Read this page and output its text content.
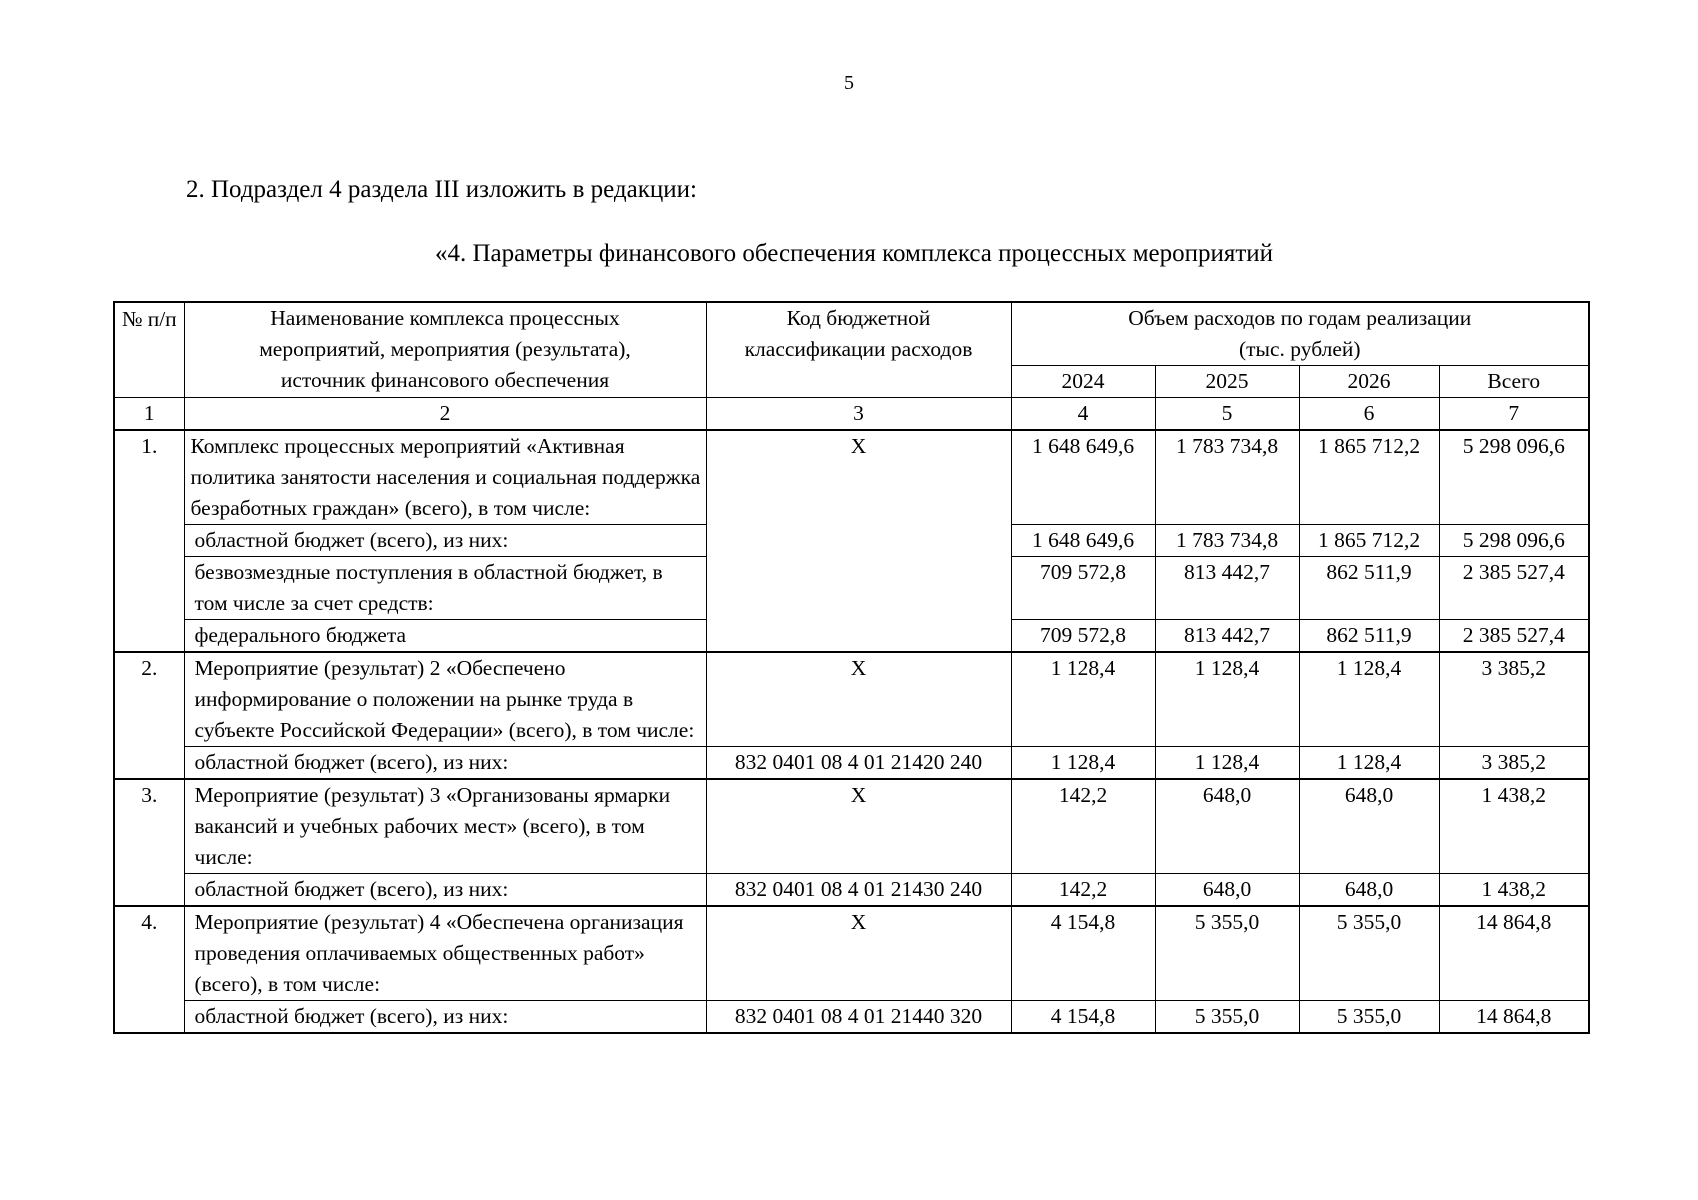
5
2. Подраздел 4 раздела III изложить в редакции:
«4. Параметры финансового обеспечения комплекса процессных мероприятий
№ п/п	Наименование комплекса процессных мероприятий, мероприятия (результата), источник финансового обеспечения	Код бюджетной классификации расходов	Объем расходов по годам реализации
(тыс. рублей)			

			2024	2025	2026	Всего
1	2	3	4	5	6	7
1.	Комплекс процессных мероприятий «Активная политика занятости населения и социальная поддержка безработных граждан» (всего), в том числе:	Х	1 648 649,6	1 783 734,8	1 865 712,2	5 298 096,6
	областной бюджет (всего), из них:		1 648 649,6	1 783 734,8	1 865 712,2	5 298 096,6
	безвозмездные поступления в областной бюджет, в том числе за счет средств:		709 572,8	813 442,7	862 511,9	2 385 527,4
	федерального бюджета		709 572,8	813 442,7	862 511,9	2 385 527,4
2.	Мероприятие (результат) 2 «Обеспечено информирование о положении на рынке труда в субъекте Российской Федерации» (всего), в том числе:	Х	1 128,4	1 128,4	1 128,4	3 385,2
	областной бюджет (всего), из них:	832 0401 08 4 01 21420 240	1 128,4	1 128,4	1 128,4	3 385,2
3.	Мероприятие (результат) 3 «Организованы ярмарки вакансий и учебных рабочих мест» (всего), в том числе:	Х	142,2	648,0	648,0	1 438,2
	областной бюджет (всего), из них:	832 0401 08 4 01 21430 240	142,2	648,0	648,0	1 438,2
4.	Мероприятие (результат) 4 «Обеспечена организация проведения оплачиваемых общественных работ» (всего), в том числе:	Х	4 154,8	5 355,0	5 355,0	14 864,8
	областной бюджет (всего), из них:	832 0401 08 4 01 21440 320	4 154,8	5 355,0	5 355,0	14 864,8
